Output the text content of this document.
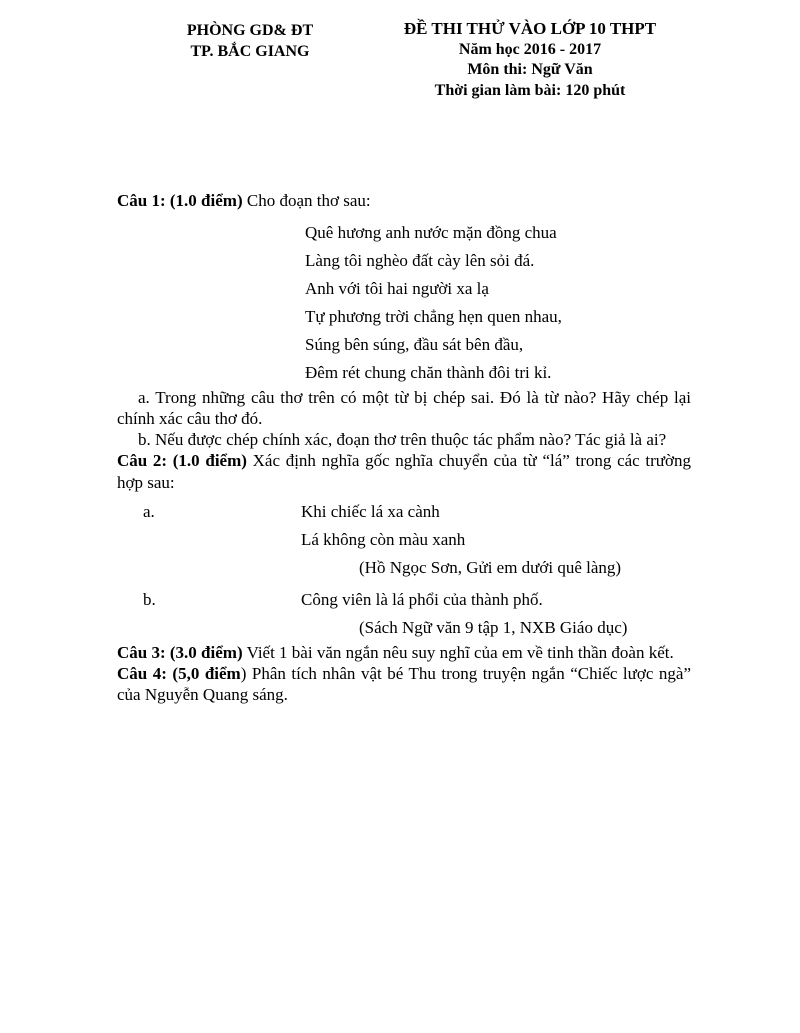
PHÒNG GD& ĐT
TP. BẮC GIANG
ĐỀ THI THỬ VÀO LỚP 10 THPT
Năm học 2016 - 2017
Môn thi: Ngữ Văn
Thời gian làm bài: 120 phút

Câu 1: (1.0 điểm) Cho đoạn thơ sau:

Quê hương anh nước mặn đồng chua
Làng tôi nghèo đất cày lên sỏi đá.
Anh với tôi hai người xa lạ
Tự phương trời chẳng hẹn quen nhau,
Súng bên súng, đầu sát bên đầu,
Đêm rét chung chăn thành đôi tri kỉ.

a. Trong những câu thơ trên có một từ bị chép sai. Đó là từ nào? Hãy chép lại chính xác câu thơ đó.

b. Nếu được chép chính xác, đoạn thơ trên thuộc tác phẩm nào? Tác giả là ai?

Câu 2: (1.0 điểm) Xác định nghĩa gốc nghĩa chuyển của từ “lá” trong các trường hợp sau:

a.	Khi chiếc lá xa cành
Lá không còn màu xanh
(Hồ Ngọc Sơn, Gửi em dưới quê làng)
b.	Công viên là lá phổi của thành phố.
(Sách Ngữ văn 9 tập 1, NXB Giáo dục)

Câu 3: (3.0 điểm) Viết 1 bài văn ngắn nêu suy nghĩ của em về tinh thần đoàn kết.

Câu 4: (5,0 điểm) Phân tích nhân vật bé Thu trong truyện ngắn “Chiếc lược ngà” của Nguyễn Quang sáng.
